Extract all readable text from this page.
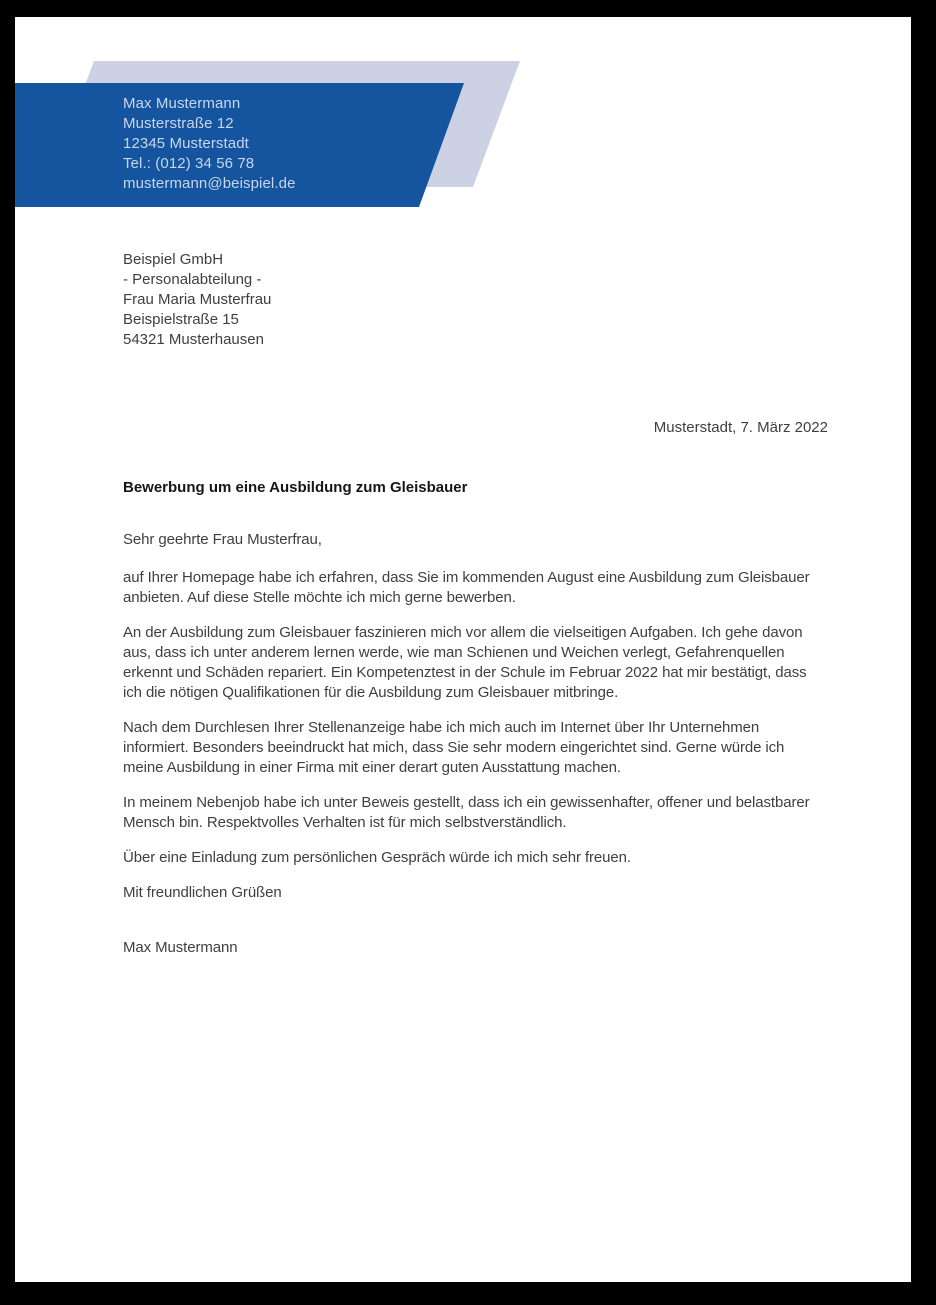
Max Mustermann
Musterstraße 12
12345 Musterstadt
Tel.: (012) 34 56 78
mustermann@beispiel.de
Beispiel GmbH
- Personalabteilung -
Frau Maria Musterfrau
Beispielstraße 15
54321 Musterhausen
Musterstadt, 7. März 2022

Bewerbung um eine Ausbildung zum Gleisbauer

Sehr geehrte Frau Musterfrau,

auf Ihrer Homepage habe ich erfahren, dass Sie im kommenden August eine Ausbildung zum Gleisbauer anbieten. Auf diese Stelle möchte ich mich gerne bewerben.

An der Ausbildung zum Gleisbauer faszinieren mich vor allem die vielseitigen Aufgaben. Ich gehe davon aus, dass ich unter anderem lernen werde, wie man Schienen und Weichen verlegt, Gefahrenquellen erkennt und Schäden repariert. Ein Kompetenztest in der Schule im Februar 2022 hat mir bestätigt, dass ich die nötigen Qualifikationen für die Ausbildung zum Gleisbauer mitbringe.

Nach dem Durchlesen Ihrer Stellenanzeige habe ich mich auch im Internet über Ihr Unternehmen informiert. Besonders beeindruckt hat mich, dass Sie sehr modern eingerichtet sind. Gerne würde ich meine Ausbildung in einer Firma mit einer derart guten Ausstattung machen.

In meinem Nebenjob habe ich unter Beweis gestellt, dass ich ein gewissenhafter, offener und belastbarer Mensch bin. Respektvolles Verhalten ist für mich selbstverständlich.

Über eine Einladung zum persönlichen Gespräch würde ich mich sehr freuen.

Mit freundlichen Grüßen

Max Mustermann
